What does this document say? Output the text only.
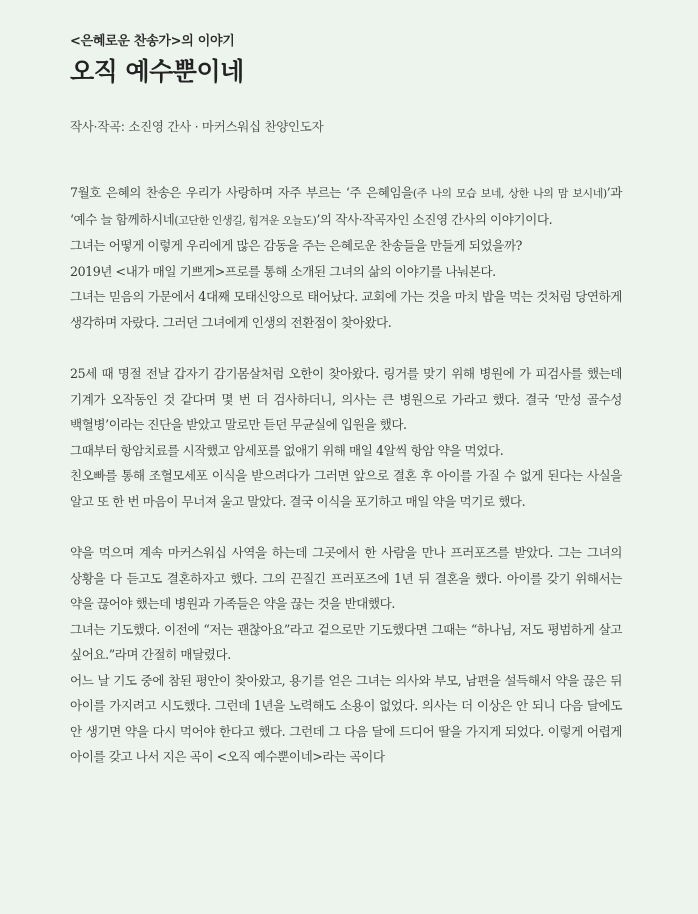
<은혜로운 찬송가>의 이야기
오직 예수뿐이네
작사·작곡: 소진영 간사 · 마커스워십 찬양인도자

7월호 은혜의 찬송은 우리가 사랑하며 자주 부르는 ‘주 은혜임을(주 나의 모습 보네, 상한 나의 맘 보시네)’과 ‘예수 늘 함께하시네(고단한 인생길, 힘겨운 오늘도)’의 작사·작곡자인 소진영 간사의 이야기이다.

그녀는 어떻게 이렇게 우리에게 많은 감동을 주는 은혜로운 찬송들을 만들게 되었을까?

2019년 <내가 매일 기쁘게>프로를 통해 소개된 그녀의 삶의 이야기를 나눠본다.

그녀는 믿음의 가문에서 4대째 모태신앙으로 태어났다. 교회에 가는 것을 마치 밥을 먹는 것처럼 당연하게 생각하며 자랐다. 그러던 그녀에게 인생의 전환점이 찾아왔다.

25세 때 명절 전날 갑자기 감기몸살처럼 오한이 찾아왔다. 링거를 맞기 위해 병원에 가 피검사를 했는데 기계가 오작동인 것 같다며 몇 번 더 검사하더니, 의사는 큰 병원으로 가라고 했다. 결국 ‘만성 골수성 백혈병’이라는 진단을 받았고 말로만 듣던 무균실에 입원을 했다.

그때부터 항암치료를 시작했고 암세포를 없애기 위해 매일 4알씩 항암 약을 먹었다.

친오빠를 통해 조혈모세포 이식을 받으려다가 그러면 앞으로 결혼 후 아이를 가질 수 없게 된다는 사실을 알고 또 한 번 마음이 무너져 울고 말았다. 결국 이식을 포기하고 매일 약을 먹기로 했다.

약을 먹으며 계속 마커스워십 사역을 하는데 그곳에서 한 사람을 만나 프러포즈를 받았다. 그는 그녀의 상황을 다 듣고도 결혼하자고 했다. 그의 끈질긴 프러포즈에 1년 뒤 결혼을 했다. 아이를 갖기 위해서는 약을 끊어야 했는데 병원과 가족들은 약을 끊는 것을 반대했다.

그녀는 기도했다. 이전에 “저는 괜찮아요”라고 겉으로만 기도했다면 그때는 “하나님, 저도 평범하게 살고 싶어요.”라며 간절히 매달렸다.

어느 날 기도 중에 참된 평안이 찾아왔고, 용기를 얻은 그녀는 의사와 부모, 남편을 설득해서 약을 끊은 뒤 아이를 가지려고 시도했다. 그런데 1년을 노력해도 소용이 없었다. 의사는 더 이상은 안 되니 다음 달에도 안 생기면 약을 다시 먹어야 한다고 했다. 그런데 그 다음 달에 드디어 딸을 가지게 되었다. 이렇게 어렵게 아이를 갖고 나서 지은 곡이 <오직 예수뿐이네>라는 곡이다
